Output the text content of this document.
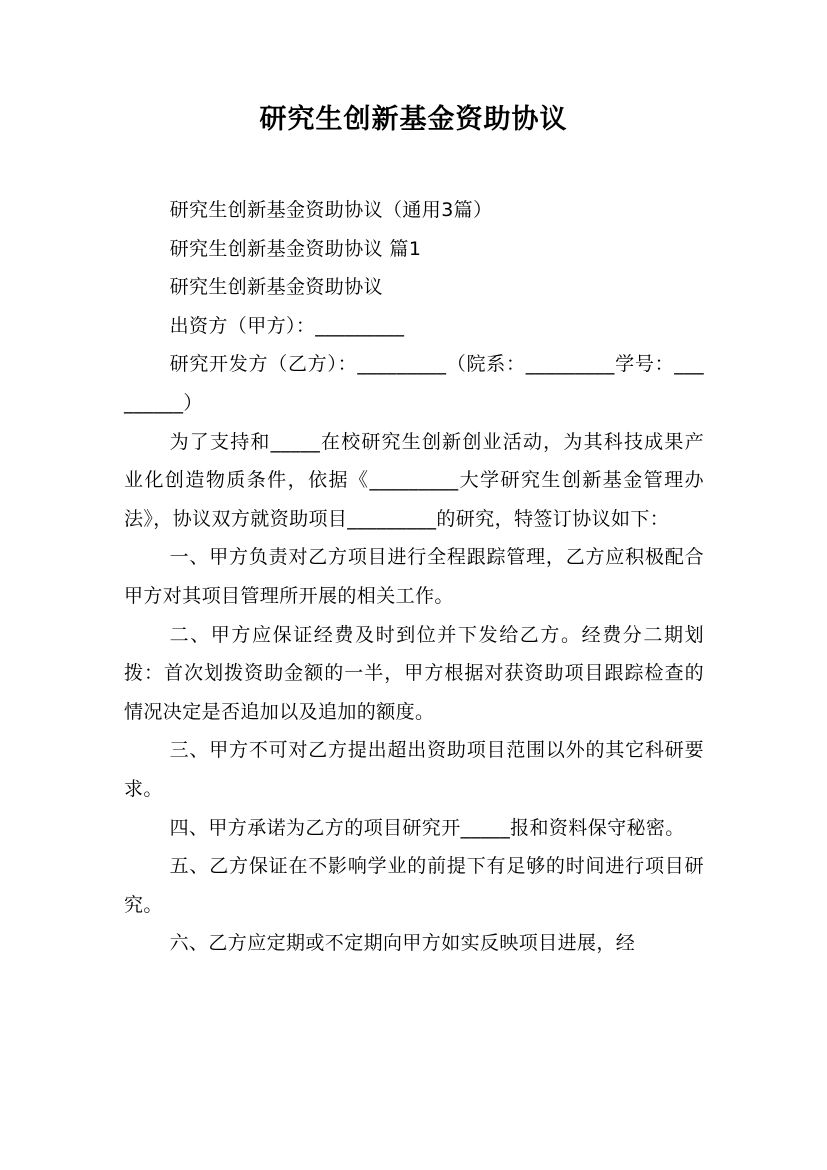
研究生创新基金资助协议

研究生创新基金资助协议（通用3篇）

研究生创新基金资助协议 篇1

研究生创新基金资助协议

出资方（甲方）：_________

研究开发方（乙方）：_________（院系：_________学号：_________）

为了支持和_____在校研究生创新创业活动，为其科技成果产业化创造物质条件，依据《_________大学研究生创新基金管理办法》，协议双方就资助项目_________的研究，特签订协议如下：

一、甲方负责对乙方项目进行全程跟踪管理，乙方应积极配合甲方对其项目管理所开展的相关工作。

二、甲方应保证经费及时到位并下发给乙方。经费分二期划拨：首次划拨资助金额的一半，甲方根据对获资助项目跟踪检查的情况决定是否追加以及追加的额度。

三、甲方不可对乙方提出超出资助项目范围以外的其它科研要求。

四、甲方承诺为乙方的项目研究开_____报和资料保守秘密。

五、乙方保证在不影响学业的前提下有足够的时间进行项目研究。

六、乙方应定期或不定期向甲方如实反映项目进展，经
